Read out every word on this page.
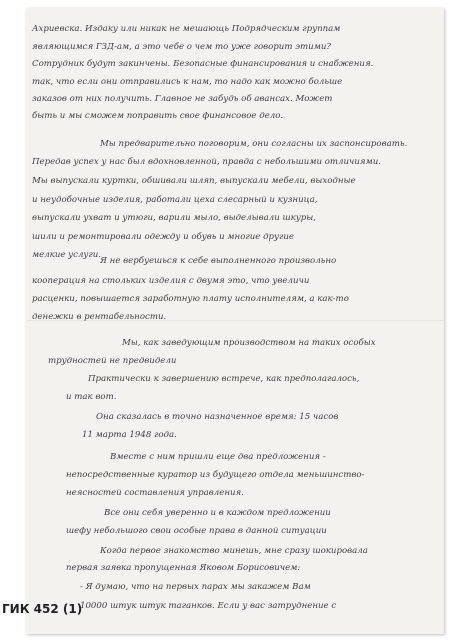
Ахриевска. Издаку или никак не мешающь Подрядческим группам
являющимся ГЗД-ам, а это чебе о чем то уже говорит этими?
Сотрудник будут закинчены. Безопасные финансирования и снабжения.
так, что если они отправились к нам, то надо как можно больше
заказов от них получить. Главное не забудь об авансах. Может
быть и мы сможем поправить свое финансовое дело.
Мы предварительно поговорим, они согласны их заспонсировать.
Передав успех у нас был вдохновленной, правда с небольшими отличиями.
Мы выпускали куртки, обшивали шляп, выпускали мебели, выходные
и неудобочные изделия, работали цеха слесарный и кузница,
выпускали ухват и утюги, варили мыло, выделывали шкуры,
шили и ремонтировали одежду и обувь и многие другие
мелкие услуги.
Я не вербуешься к себе выполненного произвольно
кооперация на стольких изделия с двумя это, что увеличи
расценки, повышается заработную плату исполнителям, а как-то
денежки в рентабельности.
Мы, как заведующим производством на таких особых
трудностей не предвидели
Практически к завершению встрече, как предполагалось,
и так вот.
Она сказалась в точно назначенное время: 15 часов
11 марта 1948 года.
Вместе с ним пришли еще два предложения -
непосредственные куратор из будущего отдела меньшинство-
неясностей составления управления.
Все они себя уверенно и в каждом предложении
шефу небольшого свои особые права в данной ситуации
Когда первое знакомство минешь, мне сразу шокировала
первая заявка пропущенная Яковом Борисовичем:
- Я думаю, что на первых парах мы закажем Вам
10000 штук штук таганков. Если у вас затруднение с
ГИК 452 (1)
